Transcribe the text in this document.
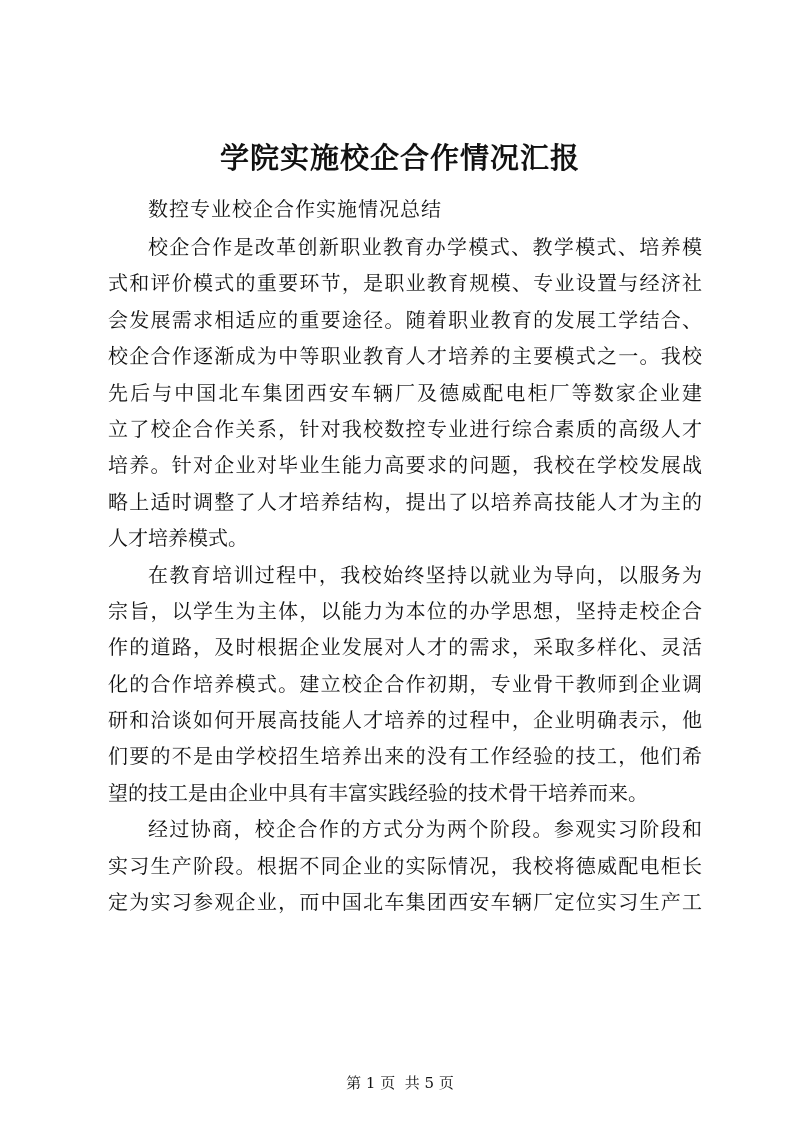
学院实施校企合作情况汇报

数控专业校企合作实施情况总结

校企合作是改革创新职业教育办学模式、教学模式、培养模
式和评价模式的重要环节，是职业教育规模、专业设置与经济社
会发展需求相适应的重要途径。随着职业教育的发展工学结合、
校企合作逐渐成为中等职业教育人才培养的主要模式之一。我校
先后与中国北车集团西安车辆厂及德威配电柜厂等数家企业建
立了校企合作关系，针对我校数控专业进行综合素质的高级人才
培养。针对企业对毕业生能力高要求的问题，我校在学校发展战
略上适时调整了人才培养结构，提出了以培养高技能人才为主的
人才培养模式。
在教育培训过程中，我校始终坚持以就业为导向，以服务为
宗旨，以学生为主体，以能力为本位的办学思想，坚持走校企合
作的道路，及时根据企业发展对人才的需求，采取多样化、灵活
化的合作培养模式。建立校企合作初期，专业骨干教师到企业调
研和洽谈如何开展高技能人才培养的过程中，企业明确表示，他
们要的不是由学校招生培养出来的没有工作经验的技工，他们希
望的技工是由企业中具有丰富实践经验的技术骨干培养而来。
经过协商，校企合作的方式分为两个阶段。参观实习阶段和
实习生产阶段。根据不同企业的实际情况，我校将德威配电柜长
定为实习参观企业，而中国北车集团西安车辆厂定位实习生产工
第 1 页  共 5 页
